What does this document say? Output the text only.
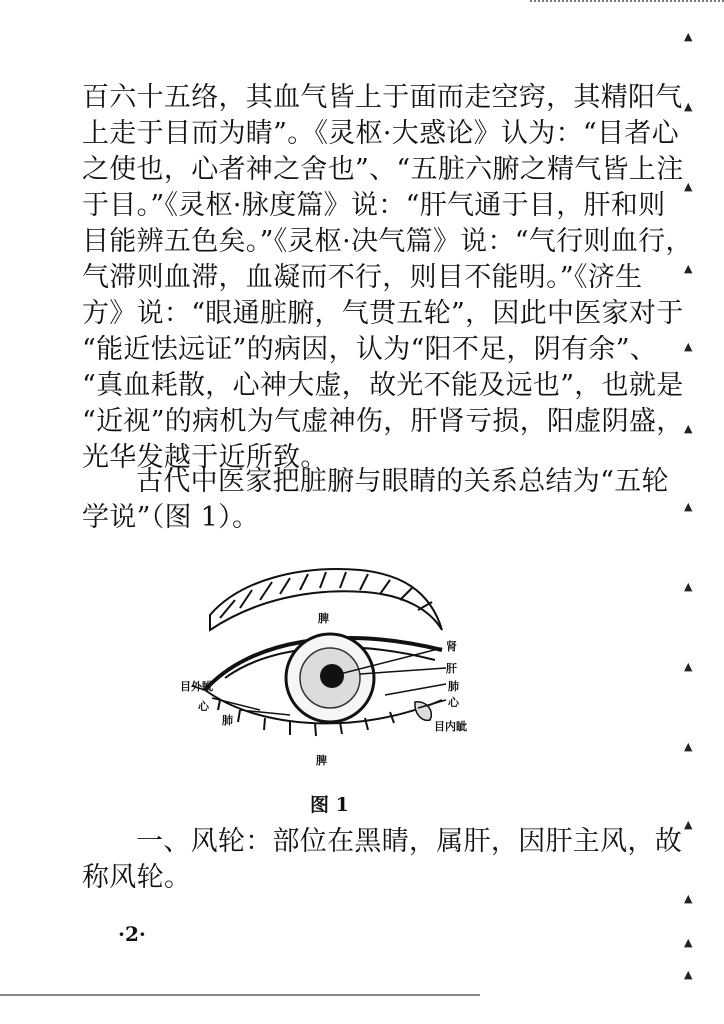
百六十五络，其血气皆上于面而走空窍，其精阳气
上走于目而为睛”。《灵枢·大惑论》认为：“目者心
之使也，心者神之舍也”、“五脏六腑之精气皆上注
于目。”《灵枢·脉度篇》说：“肝气通于目，肝和则
目能辨五色矣。”《灵枢·决气篇》说：“气行则血行，
气滞则血滞，血凝而不行，则目不能明。”《济生
方》说：“眼通脏腑，气贯五轮”，因此中医家对于
“能近怯远证”的病因，认为“阳不足，阴有余”、
“真血耗散，心神大虚，故光不能及远也”，也就是
“近视”的病机为气虚神伤，肝肾亏损，阳虚阴盛，
光华发越于近所致。
古代中医家把脏腑与眼睛的关系总结为“五轮
学说”（图 1）。
脾
肾
肝
肺
心
目内眦
目外眦
心
肺
脾
图 1
一、风轮：部位在黑睛，属肝，因肝主风，故
称风轮。
·2·
▲
▲
▲
▲
▲
▲
▲
▲
▲
▲
▲
▲
▲
▲
